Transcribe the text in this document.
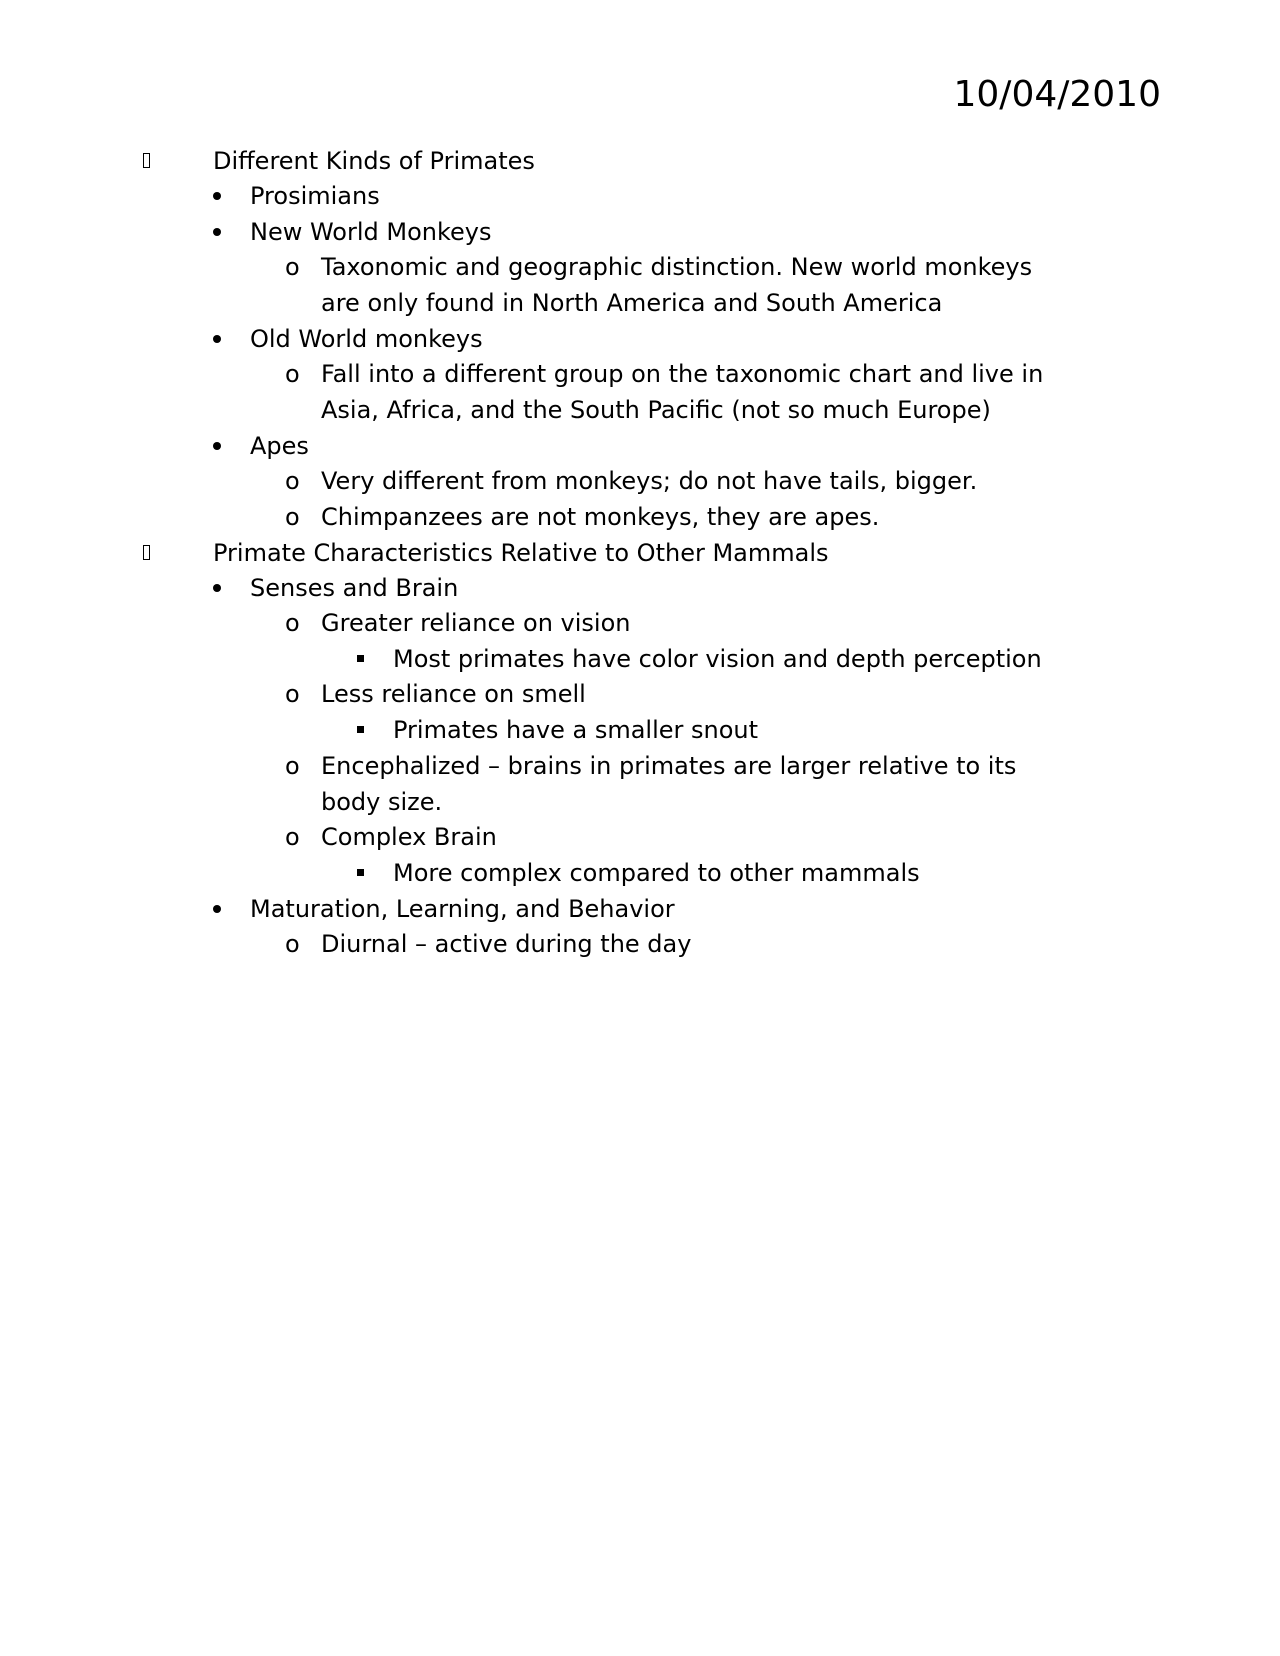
10/04/2010
Different Kinds of Primates
Prosimians
New World Monkeys
o Taxonomic and geographic distinction. New world monkeys
are only found in North America and South America
Old World monkeys
o Fall into a different group on the taxonomic chart and live in
Asia, Africa, and the South Pacific (not so much Europe)
Apes
o Very different from monkeys; do not have tails, bigger.
o Chimpanzees are not monkeys, they are apes.
Primate Characteristics Relative to Other Mammals
Senses and Brain
o Greater reliance on vision
Most primates have color vision and depth perception
o Less reliance on smell
Primates have a smaller snout
o Encephalized – brains in primates are larger relative to its
body size.
o Complex Brain
More complex compared to other mammals
Maturation, Learning, and Behavior
o Diurnal – active during the day
